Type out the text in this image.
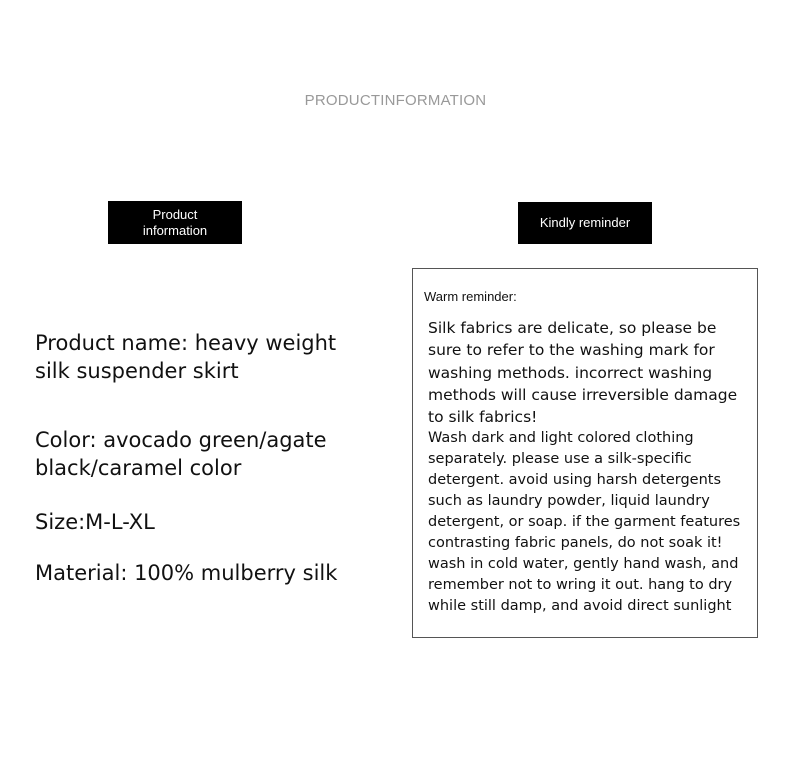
PRODUCTINFORMATION
Product information	Kindly reminder
Product name: heavy weight silk suspender skirt
Color: avocado green/agate black/caramel color
Size:M-L-XL
Material: 100% mulberry silk
Warm reminder:

Silk fabrics are delicate, so please be sure to refer to the washing mark for washing methods. incorrect washing methods will cause irreversible damage to silk fabrics!

Wash dark and light colored clothing separately. please use a silk-specific detergent. avoid using harsh detergents such as laundry powder, liquid laundry detergent, or soap. if the garment features contrasting fabric panels, do not soak it! wash in cold water, gently hand wash, and remember not to wring it out. hang to dry while still damp, and avoid direct sunlight
